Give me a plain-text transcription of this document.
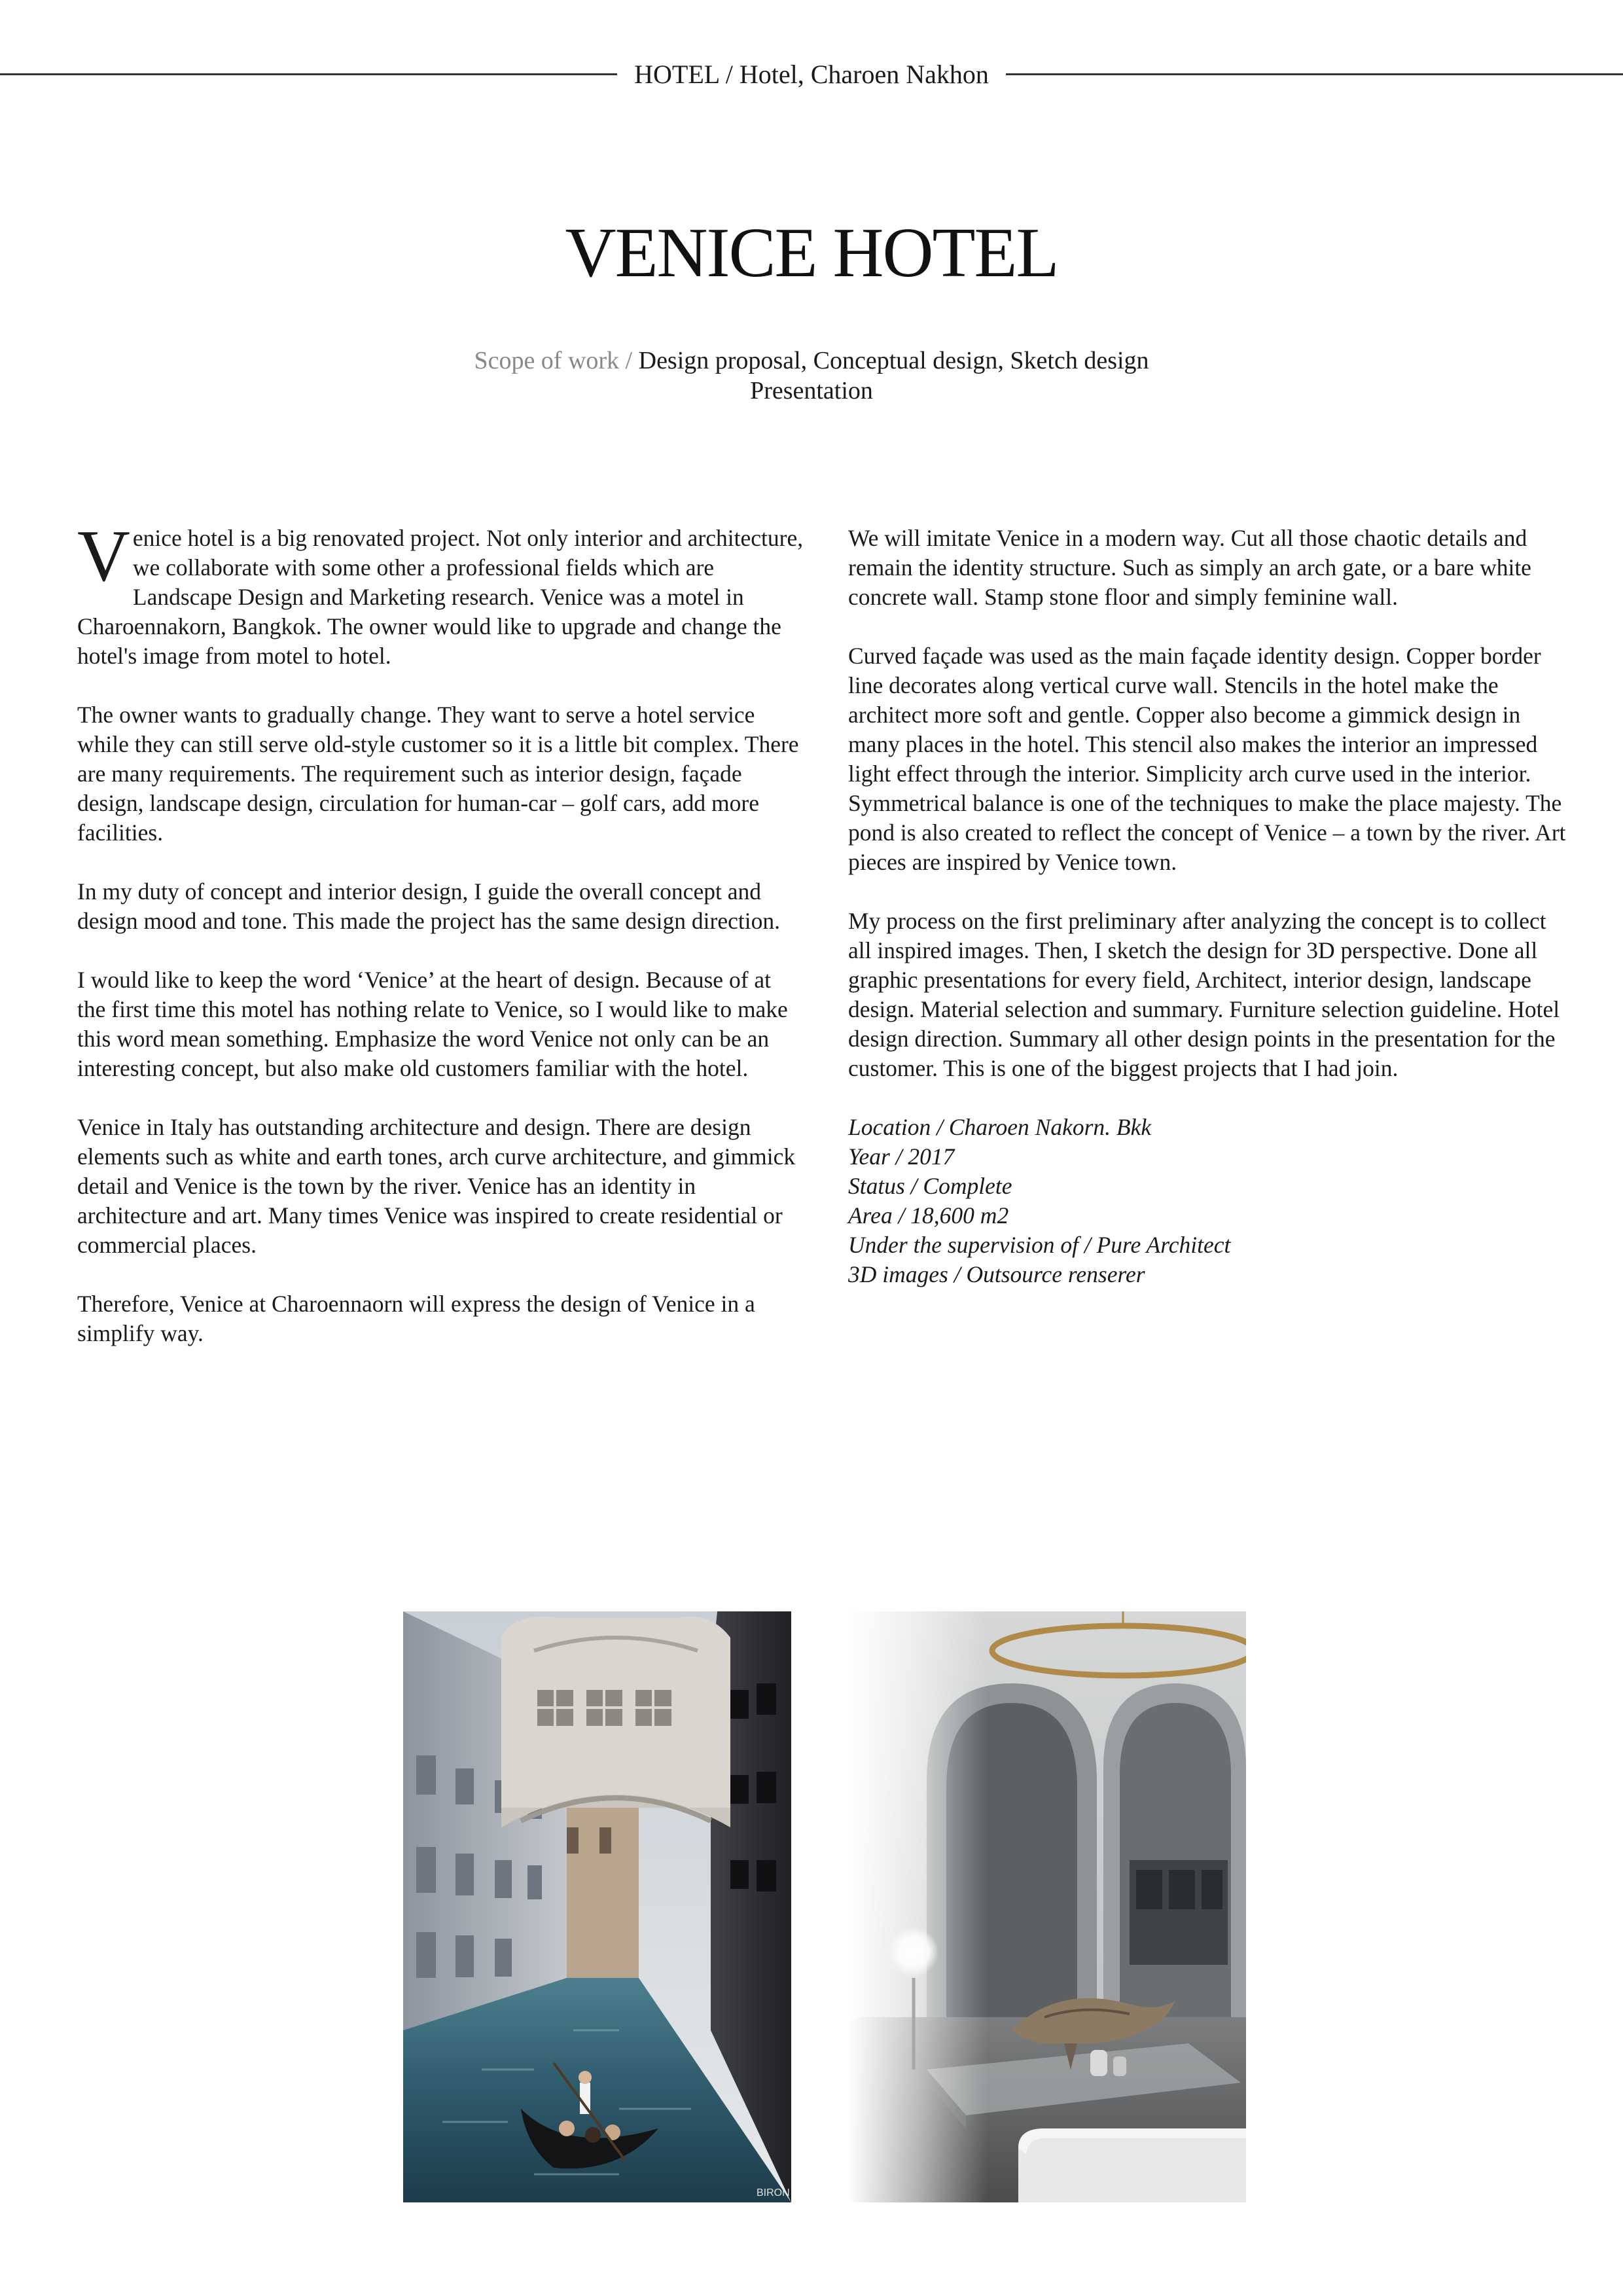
HOTEL / Hotel, Charoen Nakhon
VENICE HOTEL
Scope of work / Design proposal, Conceptual design, Sketch design
Presentation

Venice hotel is a big renovated project. Not only interior and architecture, we collaborate with some other a professional fields which are Landscape Design and Marketing research. Venice was a motel in Charoennakorn, Bangkok. The owner would like to upgrade and change the hotel's image from motel to hotel.

The owner wants to gradually change. They want to serve a hotel service while they can still serve old-style customer so it is a little bit complex. There are many requirements. The requirement such as interior design, façade design, landscape design, circulation for human-car – golf cars, add more facilities.

In my duty of concept and interior design, I guide the overall concept and design mood and tone. This made the project has the same design direction.

I would like to keep the word ‘Venice’ at the heart of design. Because of at the first time this motel has nothing relate to Venice, so I would like to make this word mean something. Emphasize the word Venice not only can be an interesting concept, but also make old customers familiar with the hotel.

Venice in Italy has outstanding architecture and design. There are design elements such as white and earth tones, arch curve architecture, and gimmick detail and Venice is the town by the river. Venice has an identity in architecture and art. Many times Venice was inspired to create residential or commercial places.

Therefore, Venice at Charoennaorn will express the design of Venice in a simplify way.

We will imitate Venice in a modern way. Cut all those chaotic details and remain the identity structure. Such as simply an arch gate, or a bare white concrete wall. Stamp stone floor and simply feminine wall.

Curved façade was used as the main façade identity design. Copper border line decorates along vertical curve wall. Stencils in the hotel make the architect more soft and gentle. Copper also become a gimmick design in many places in the hotel. This stencil also makes the interior an impressed light effect through the interior. Simplicity arch curve used in the interior. Symmetrical balance is one of the techniques to make the place majesty. The pond is also created to reflect the concept of Venice – a town by the river. Art pieces are inspired by Venice town.

My process on the first preliminary after analyzing the concept is to collect all inspired images. Then, I sketch the design for 3D perspective. Done all graphic presentations for every field, Architect, interior design, landscape design. Material selection and summary. Furniture selection guideline. Hotel design direction. Summary all other design points in the presentation for the customer. This is one of the biggest projects that I had join.

Location / Charoen Nakorn. Bkk
Year / 2017
Status / Complete
Area / 18,600 m2
Under the supervision of / Pure Architect
3D images / Outsource renserer
BIRON
